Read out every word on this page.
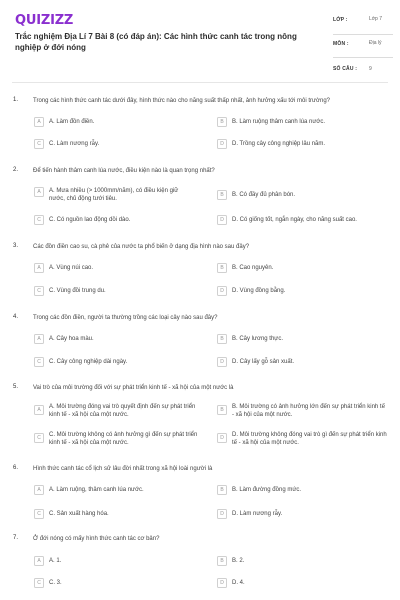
QUIZIZZ
Trắc nghiệm Địa Lí 7 Bài 8 (có đáp án): Các hình thức canh tác trong nông nghiệp ở đới nóng
LỚP :	Lớp 7
MÔN :	Địa lý
SỐ CÂU : 9
1. Trong các hình thức canh tác dưới đây, hình thức nào cho năng suất thấp nhất, ảnh hưởng xấu tới môi trường?
A	A. Làm đồn điền.	B	B. Làm ruộng thâm canh lúa nước.
C	C. Làm nương rẫy.	D	D. Trồng cây công nghiệp lâu năm.
2. Để tiến hành thâm canh lúa nước, điều kiện nào là quan trọng nhất?
A	A. Mưa nhiều (> 1000mm/năm), có điều kiện giữ nước, chủ động tưới tiêu.
B	B. Có đầy đủ phân bón.
C	C. Có nguồn lao động dồi dào.	D	D. Có giống tốt, ngắn ngày, cho năng suất cao.
3. Các đồn điền cao su, cà phê của nước ta phổ biến ở dạng địa hình nào sau đây?
A	A. Vùng núi cao.	B	B. Cao nguyên.
C	C. Vùng đồi trung du.	D	D. Vùng đồng bằng.
4. Trong các đồn điền, người ta thường trồng các loại cây nào sau đây?
A	A. Cây hoa màu.	B	B. Cây lương thực.
C	C. Cây công nghiệp dài ngày.	D	D. Cây lấy gỗ sản xuất.
5. Vai trò của môi trường đối với sự phát triển kinh tế - xã hội của một nước là
A	A. Môi trường đóng vai trò quyết định đến sự phát triển kinh tế - xã hội của một nước.
B	B. Môi trường có ảnh hưởng lớn đến sự phát triển kinh tế - xã hội của một nước.
C	C. Môi trường không có ảnh hưởng gì đến sự phát triển kinh tế - xã hội của một nước.
D	D. Môi trường không đóng vai trò gì đến sự phát triển kinh tế - xã hội của một nước.
6. Hình thức canh tác cổ lịch sử lâu đời nhất trong xã hội loài người là
A	A. Làm ruộng, thâm canh lúa nước.	B	B. Làm đường đồng mức.
C	C. Sản xuất hàng hóa.	D	D. Làm nương rẫy.
7. Ở đới nóng có mấy hình thức canh tác cơ bản?
A	A. 1.	B	B. 2.
C	C. 3.	D	D. 4.
